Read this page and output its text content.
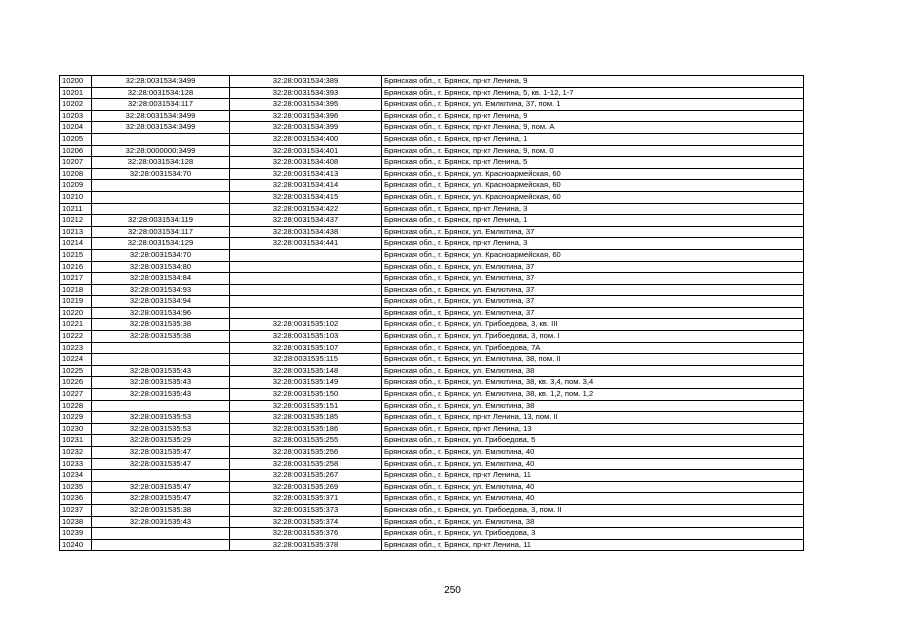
10200	32:28:0031534:3499	32:28:0031534:389	Брянская обл., г. Брянск, пр-кт Ленина, 9
10201	32:28:0031534:128	32:28:0031534:393	Брянская обл., г. Брянск, пр-кт Ленина, 5, кв. 1-12, 1-7
10202	32:28:0031534:117	32:28:0031534:395	Брянская обл., г. Брянск, ул. Емлютина, 37, пом. 1
10203	32:28:0031534:3499	32:28:0031534:396	Брянская обл., г. Брянск, пр-кт Ленина, 9
10204	32:28:0031534:3499	32:28:0031534:399	Брянская обл., г. Брянск, пр-кт Ленина, 9, пом. А
10205		32:28:0031534:400	Брянская обл., г. Брянск, пр-кт Ленина, 1
10206	32:28:0000000:3499	32:28:0031534:401	Брянская обл., г. Брянск, пр-кт Ленина, 9, пом. 0
10207	32:28:0031534:128	32:28:0031534:408	Брянская обл., г. Брянск, пр-кт Ленина, 5
10208	32:28:0031534:70	32:28:0031534:413	Брянская обл., г. Брянск, ул. Красноармейская, 60
10209		32:28:0031534:414	Брянская обл., г. Брянск, ул. Красноармейская, 60
10210		32:28:0031534:415	Брянская обл., г. Брянск, ул. Красноармейская, 60
10211		32:28:0031534:422	Брянская обл., г. Брянск, пр-кт Ленина, 3
10212	32:28:0031534:119	32:28:0031534:437	Брянская обл., г. Брянск, пр-кт Ленина, 1
10213	32:28:0031534:117	32:28:0031534:438	Брянская обл., г. Брянск, ул. Емлютина, 37
10214	32:28:0031534:129	32:28:0031534:441	Брянская обл., г. Брянск, пр-кт Ленина, 3
10215	32:28:0031534:70		Брянская обл., г. Брянск, ул. Красноармейская, 60
10216	32:28:0031534:80		Брянская обл., г. Брянск, ул. Емлютина, 37
10217	32:28:0031534:84		Брянская обл., г. Брянск, ул. Емлютина, 37
10218	32:28:0031534:93		Брянская обл., г. Брянск, ул. Емлютина, 37
10219	32:28:0031534:94		Брянская обл., г. Брянск, ул. Емлютина, 37
10220	32:28:0031534:96		Брянская обл., г. Брянск, ул. Емлютина, 37
10221	32:28:0031535:38	32:28:0031535:102	Брянская обл., г. Брянск, ул. Грибоедова, 3, кв. III
10222	32:28:0031535:38	32:28:0031535:103	Брянская обл., г. Брянск, ул. Грибоедова, 3, пом. I
10223		32:28:0031535:107	Брянская обл., г. Брянск, ул. Грибоедова, 7А
10224		32:28:0031535:115	Брянская обл., г. Брянск, ул. Емлютина, 38, пом. II
10225	32:28:0031535:43	32:28:0031535:148	Брянская обл., г. Брянск, ул. Емлютина, 38
10226	32:28:0031535:43	32:28:0031535:149	Брянская обл., г. Брянск, ул. Емлютина, 38, кв. 3,4, пом. 3,4
10227	32:28:0031535:43	32:28:0031535:150	Брянская обл., г. Брянск, ул. Емлютина, 38, кв. 1,2, пом. 1,2
10228		32:28:0031535:151	Брянская обл., г. Брянск, ул. Емлютина, 38
10229	32:28:0031535:53	32:28:0031535:185	Брянская обл., г. Брянск, пр-кт Ленина, 13, пом. II
10230	32:28:0031535:53	32:28:0031535:186	Брянская обл., г. Брянск, пр-кт Ленина, 13
10231	32:28:0031535:29	32:28:0031535:255	Брянская обл., г. Брянск, ул. Грибоедова, 5
10232	32:28:0031535:47	32:28:0031535:256	Брянская обл., г. Брянск, ул. Емлютина, 40
10233	32:28:0031535:47	32:28:0031535:258	Брянская обл., г. Брянск, ул. Емлютина, 40
10234		32:28:0031535:267	Брянская обл., г. Брянск, пр-кт Ленина, 11
10235	32:28:0031535:47	32:28:0031535:269	Брянская обл., г. Брянск, ул. Емлютина, 40
10236	32:28:0031535:47	32:28:0031535:371	Брянская обл., г. Брянск, ул. Емлютина, 40
10237	32:28:0031535:38	32:28:0031535:373	Брянская обл., г. Брянск, ул. Грибоедова, 3, пом. II
10238	32:28:0031535:43	32:28:0031535:374	Брянская обл., г. Брянск, ул. Емлютина, 38
10239		32:28:0031535:376	Брянская обл., г. Брянск, ул. Грибоедова, 3
10240		32:28:0031535:378	Брянская обл., г. Брянск, пр-кт Ленина, 11
250
